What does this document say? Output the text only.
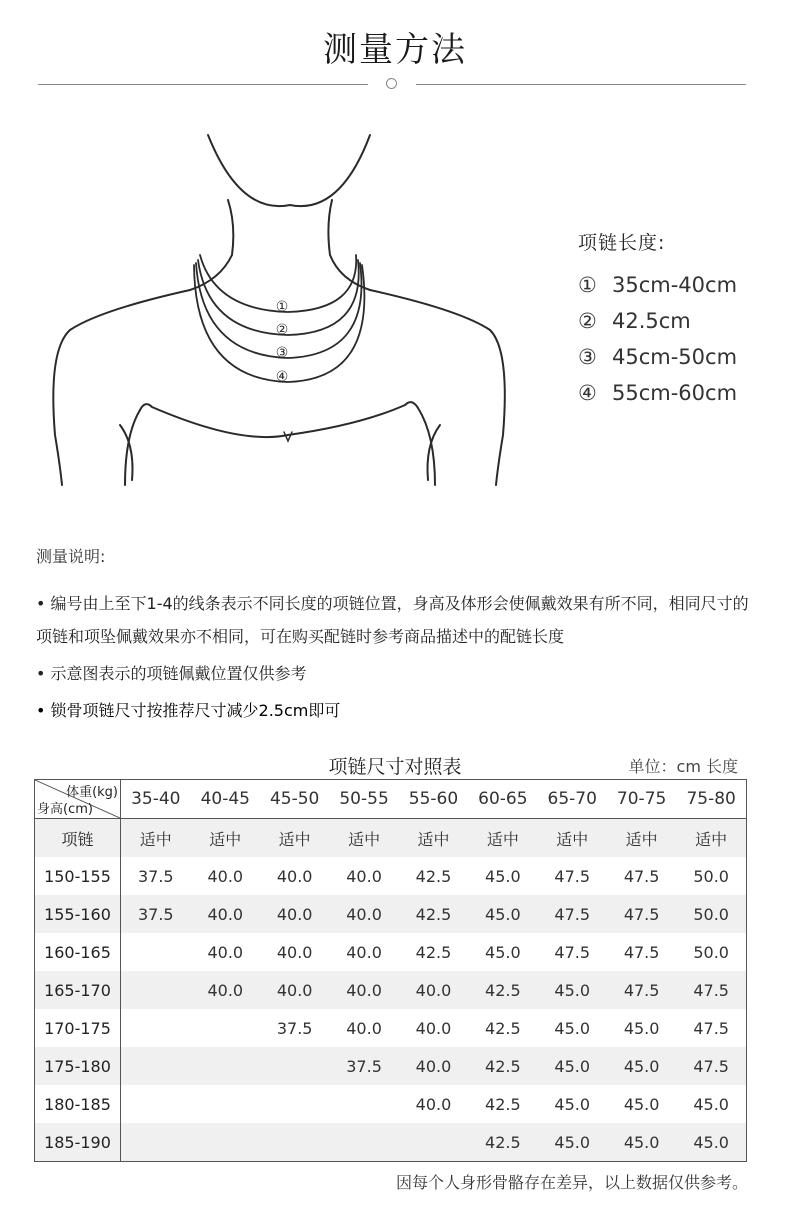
测量方法
①
②
③
④
项链长度:
① 35cm-40cm
② 42.5cm
③ 45cm-50cm
④ 55cm-60cm
测量说明:
• 编号由上至下1-4的线条表示不同长度的项链位置，身高及体形会使佩戴效果有所不同，相同尺寸的项链和项坠佩戴效果亦不相同，可在购买配链时参考商品描述中的配链长度
• 示意图表示的项链佩戴位置仅供参考
• 锁骨项链尺寸按推荐尺寸减少2.5cm即可
项链尺寸对照表	单位：cm 长度
体重(kg)
身高(cm)	35-40	40-45	45-50	50-55	55-60	60-65	65-70	70-75	75-80
项链	适中	适中	适中	适中	适中	适中	适中	适中	适中
150-155	37.5	40.0	40.0	40.0	42.5	45.0	47.5	47.5	50.0
155-160	37.5	40.0	40.0	40.0	42.5	45.0	47.5	47.5	50.0
160-165		40.0	40.0	40.0	42.5	45.0	47.5	47.5	50.0
165-170		40.0	40.0	40.0	40.0	42.5	45.0	47.5	47.5
170-175			37.5	40.0	40.0	42.5	45.0	45.0	47.5
175-180				37.5	40.0	42.5	45.0	45.0	47.5
180-185					40.0	42.5	45.0	45.0	45.0
185-190						42.5	45.0	45.0	45.0
因每个人身形骨骼存在差异，以上数据仅供参考。
